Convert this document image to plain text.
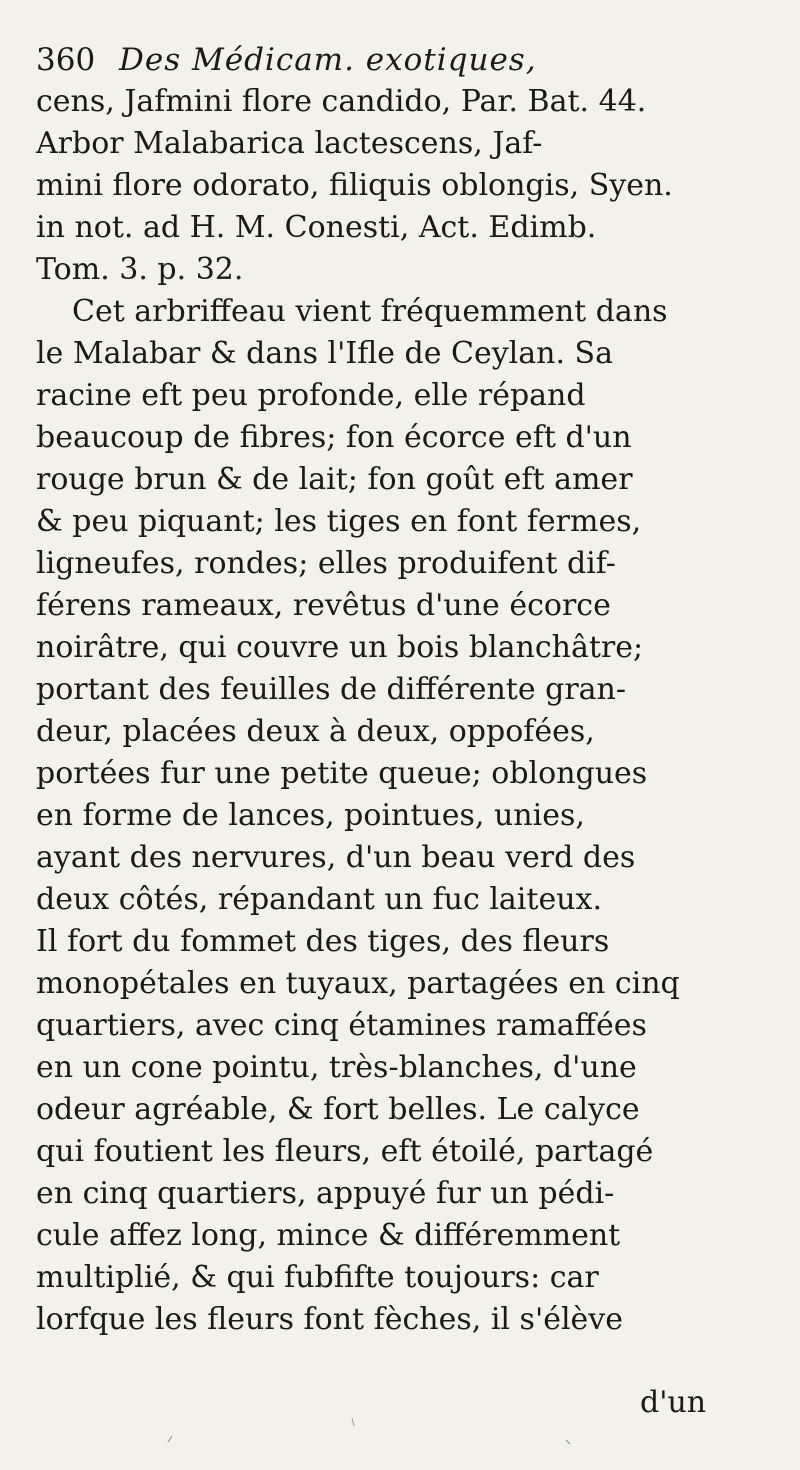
360 Des Médicam. exotiques,
cens, Jafmini flore candido, Par. Bat. 44.
Arbor Malabarica lactescens, Jaf-
mini flore odorato, filiquis oblongis, Syen.
in not. ad H. M. Conesti, Act. Edimb.
Tom. 3. p. 32.
Cet arbriffeau vient fréquemment dans
le Malabar & dans l'Ifle de Ceylan. Sa
racine eft peu profonde, elle répand
beaucoup de fibres; fon écorce eft d'un
rouge brun & de lait; fon goût eft amer
& peu piquant; les tiges en font fermes,
ligneufes, rondes; elles produifent dif-
férens rameaux, revêtus d'une écorce
noirâtre, qui couvre un bois blanchâtre;
portant des feuilles de différente gran-
deur, placées deux à deux, oppofées,
portées fur une petite queue; oblongues
en forme de lances, pointues, unies,
ayant des nervures, d'un beau verd des
deux côtés, répandant un fuc laiteux.
Il fort du fommet des tiges, des fleurs
monopétales en tuyaux, partagées en cinq
quartiers, avec cinq étamines ramaffées
en un cone pointu, très-blanches, d'une
odeur agréable, & fort belles. Le calyce
qui foutient les fleurs, eft étoilé, partagé
en cinq quartiers, appuyé fur un pédi-
cule affez long, mince & différemment
multiplié, & qui fubfifte toujours: car
lorfque les fleurs font fèches, il s'élève
d'un
